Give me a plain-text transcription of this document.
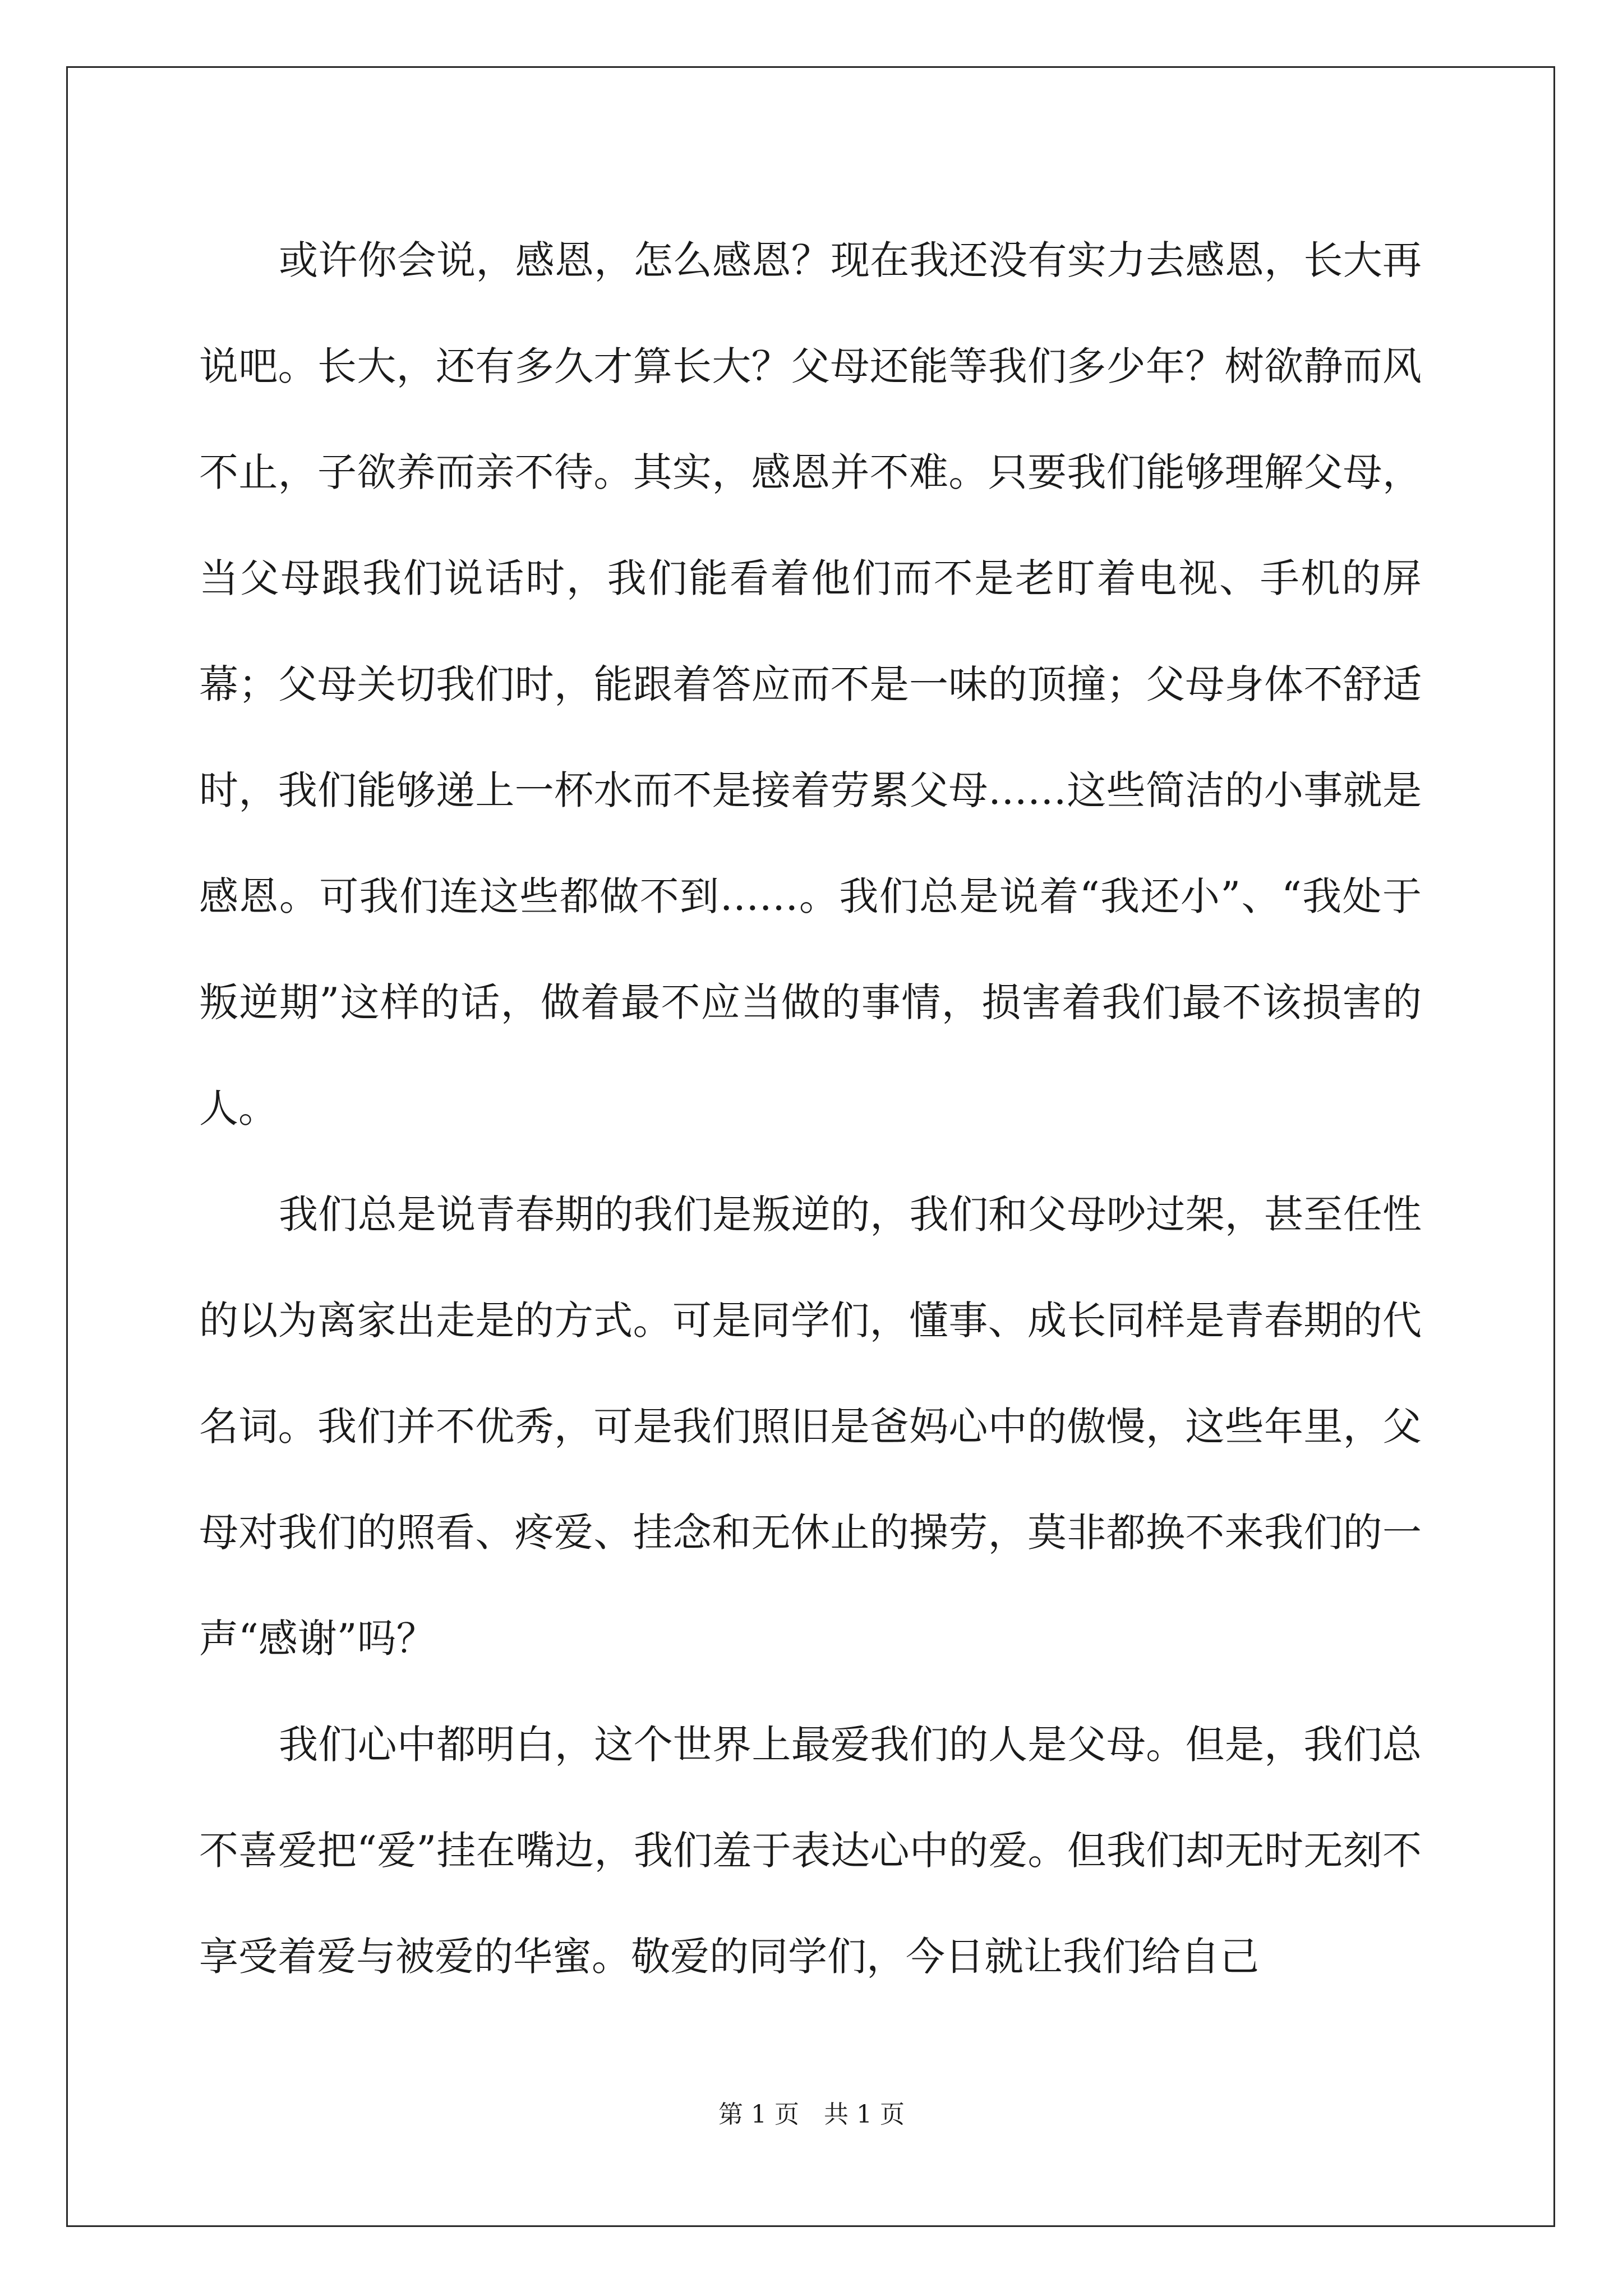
或许你会说，感恩，怎么感恩？现在我还没有实力去感恩，长大再说吧。长大，还有多久才算长大？父母还能等我们多少年？树欲静而风不止，子欲养而亲不待。其实，感恩并不难。只要我们能够理解父母，当父母跟我们说话时，我们能看着他们而不是老盯着电视、手机的屏幕；父母关切我们时，能跟着答应而不是一味的顶撞；父母身体不舒适时，我们能够递上一杯水而不是接着劳累父母……这些简洁的小事就是感恩。可我们连这些都做不到……。我们总是说着“我还小”、“我处于叛逆期”这样的话，做着最不应当做的事情，损害着我们最不该损害的人。

我们总是说青春期的我们是叛逆的，我们和父母吵过架，甚至任性的以为离家出走是的方式。可是同学们，懂事、成长同样是青春期的代名词。我们并不优秀，可是我们照旧是爸妈心中的傲慢，这些年里，父母对我们的照看、疼爱、挂念和无休止的操劳，莫非都换不来我们的一声“感谢”吗？

我们心中都明白，这个世界上最爱我们的人是父母。但是，我们总不喜爱把“爱”挂在嘴边，我们羞于表达心中的爱。但我们却无时无刻不享受着爱与被爱的华蜜。敬爱的同学们，今日就让我们给自己

第 1 页 共 1 页
